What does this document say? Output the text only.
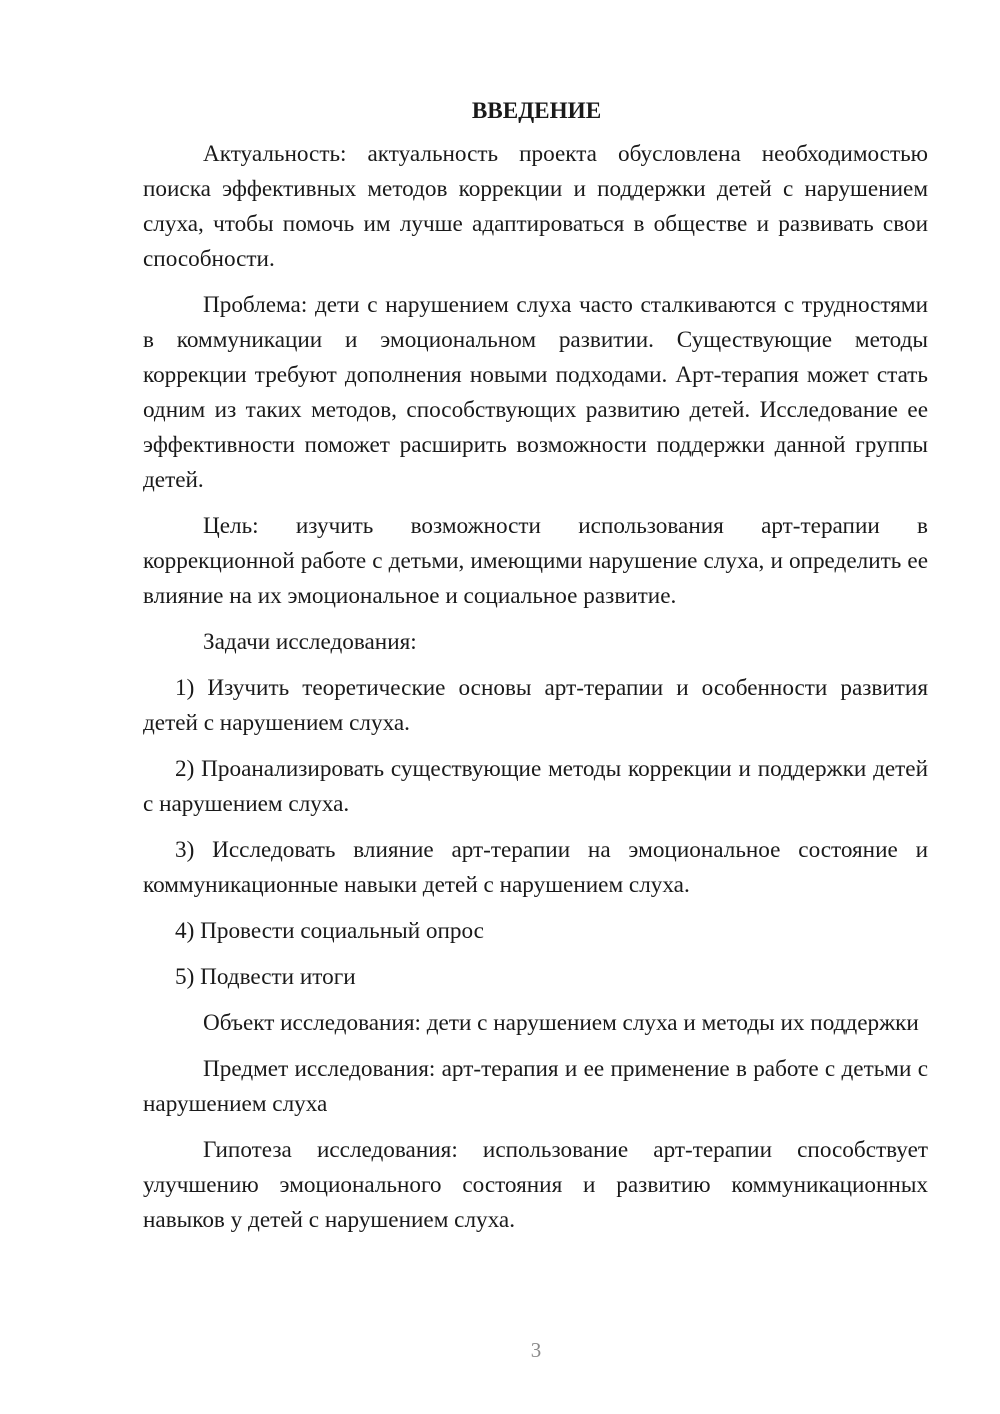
ВВЕДЕНИЕ

Актуальность: актуальность проекта обусловлена необходимостью поиска эффективных методов коррекции и поддержки детей с нарушением слуха, чтобы помочь им лучше адаптироваться в обществе и развивать свои способности.

Проблема: дети с нарушением слуха часто сталкиваются с трудностями в коммуникации и эмоциональном развитии. Существующие методы коррекции требуют дополнения новыми подходами. Арт-терапия может стать одним из таких методов, способствующих развитию детей. Исследование ее эффективности поможет расширить возможности поддержки данной группы детей.

Цель: изучить возможности использования арт-терапии в коррекционной работе с детьми, имеющими нарушение слуха, и определить ее влияние на их эмоциональное и социальное развитие.

Задачи исследования:

1) Изучить теоретические основы арт-терапии и особенности развития детей с нарушением слуха.

2) Проанализировать существующие методы коррекции и поддержки детей с нарушением слуха.

3) Исследовать влияние арт-терапии на эмоциональное состояние и коммуникационные навыки детей с нарушением слуха.

4) Провести социальный опрос

5) Подвести итоги

Объект исследования: дети с нарушением слуха и методы их поддержки

Предмет исследования: арт-терапия и ее применение в работе с детьми с нарушением слуха

Гипотеза исследования: использование арт-терапии способствует улучшению эмоционального состояния и развитию коммуникационных навыков у детей с нарушением слуха.

3
